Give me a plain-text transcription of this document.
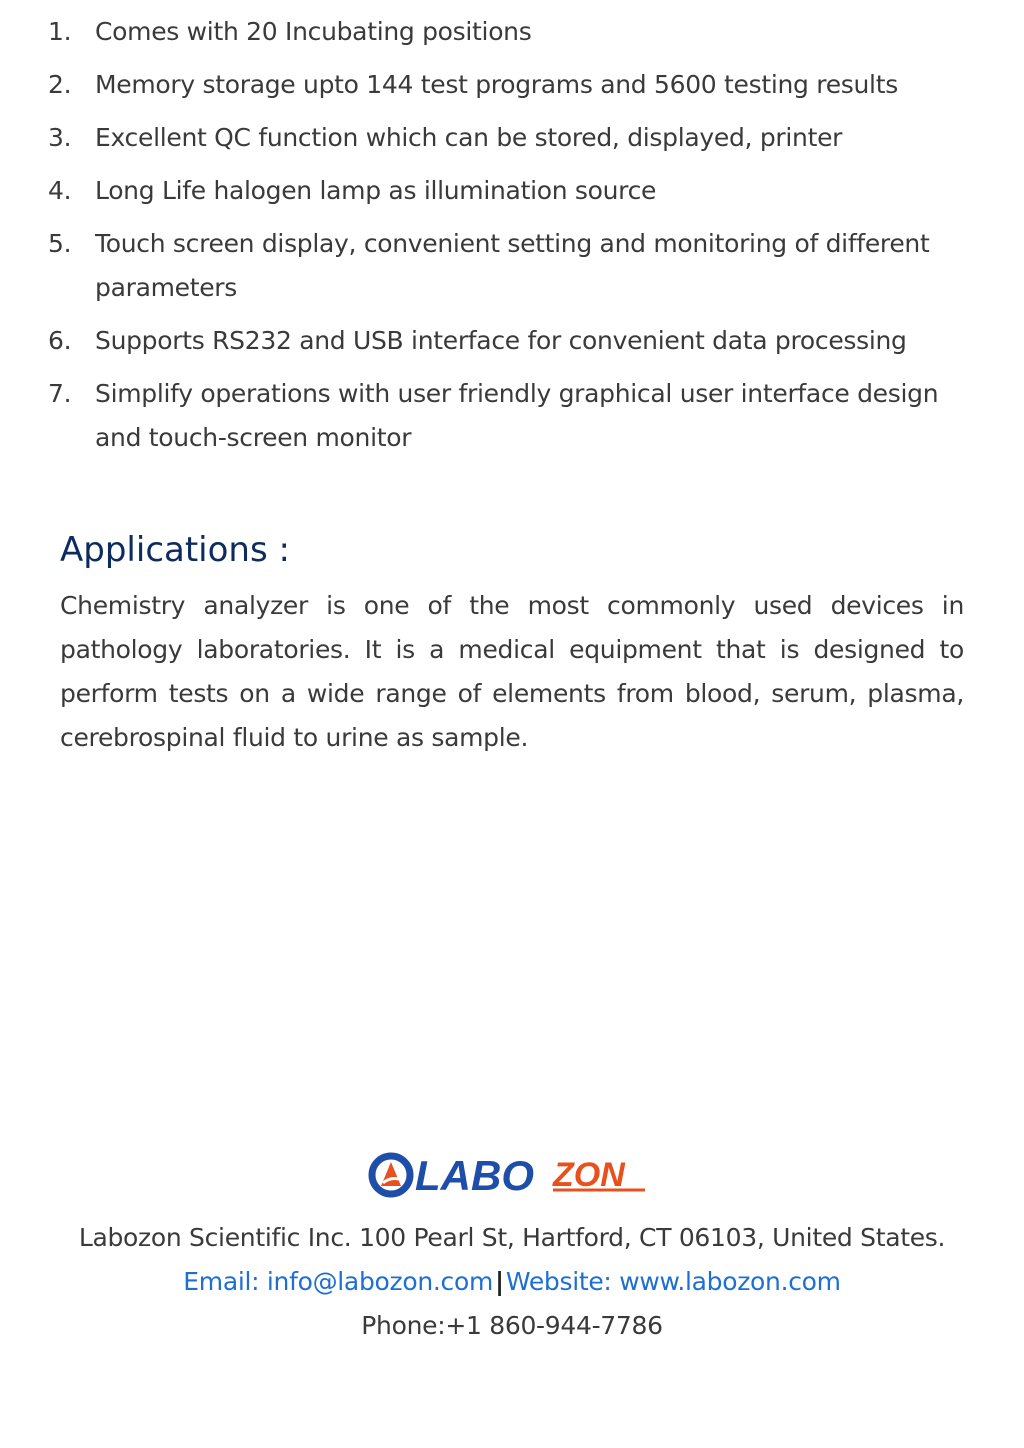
1. Comes with 20 Incubating positions
2. Memory storage upto 144 test programs and 5600 testing results
3. Excellent QC function which can be stored, displayed, printer
4. Long Life halogen lamp as illumination source
5. Touch screen display, convenient setting and monitoring of different parameters
6. Supports RS232 and USB interface for convenient data processing
7. Simplify operations with user friendly graphical user interface design and touch-screen monitor
Applications :

Chemistry analyzer is one of the most commonly used devices in pathology laboratories. It is a medical equipment that is designed to perform tests on a wide range of elements from blood, serum, plasma, cerebrospinal fluid to urine as sample.

LABO ZON
Labozon Scientific Inc. 100 Pearl St, Hartford, CT 06103, United States.
Email: info@labozon.com|Website: www.labozon.com
Phone:+1 860-944-7786
